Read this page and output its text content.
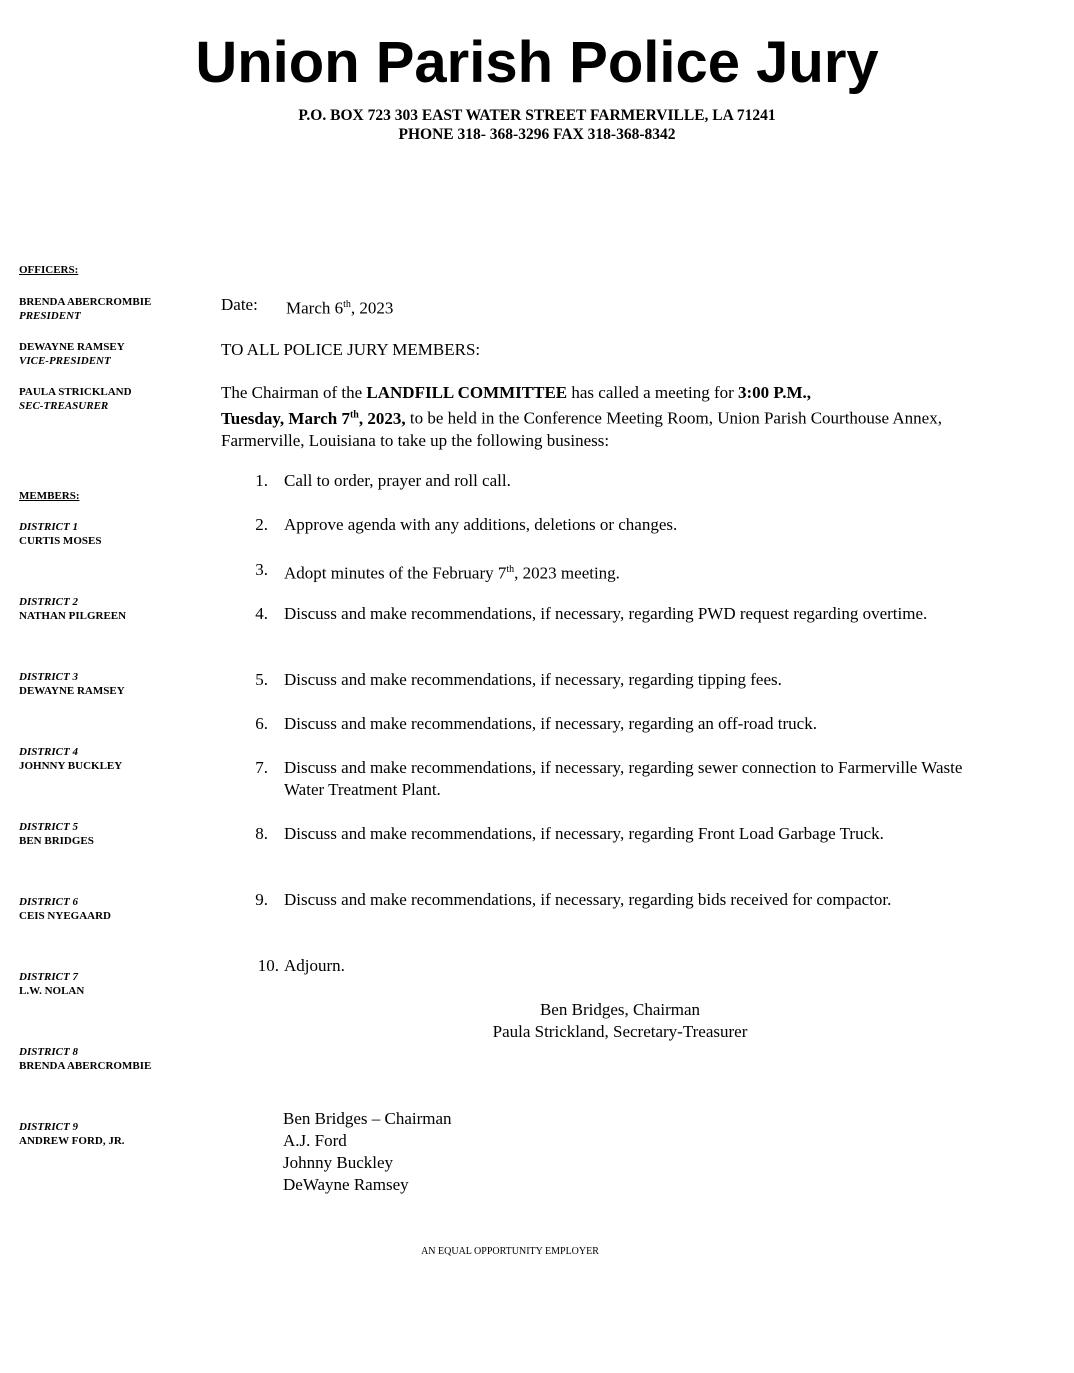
Union Parish Police Jury
P.O. BOX 723 303 EAST WATER STREET FARMERVILLE, LA 71241
PHONE 318- 368-3296 FAX 318-368-8342
OFFICERS:
BRENDA ABERCROMBIE
PRESIDENT
DEWAYNE RAMSEY
VICE-PRESIDENT
PAULA STRICKLAND
SEC-TREASURER
MEMBERS:
DISTRICT 1
CURTIS MOSES
DISTRICT 2
NATHAN PILGREEN
DISTRICT 3
DEWAYNE RAMSEY
DISTRICT 4
JOHNNY BUCKLEY
DISTRICT 5
BEN BRIDGES
DISTRICT 6
CEIS NYEGAARD
DISTRICT 7
L.W. NOLAN
DISTRICT 8
BRENDA ABERCROMBIE
DISTRICT 9
ANDREW FORD, JR.
Date: March 6th, 2023
TO ALL POLICE JURY MEMBERS:
The Chairman of the LANDFILL COMMITTEE has called a meeting for 3:00 P.M.,
Tuesday, March 7th, 2023, to be held in the Conference Meeting Room, Union Parish Courthouse Annex, Farmerville, Louisiana to take up the following business:
1. Call to order, prayer and roll call.
2. Approve agenda with any additions, deletions or changes.
3. Adopt minutes of the February 7th, 2023 meeting.
4. Discuss and make recommendations, if necessary, regarding PWD request regarding overtime.
5. Discuss and make recommendations, if necessary, regarding tipping fees.
6. Discuss and make recommendations, if necessary, regarding an off-road truck.
7. Discuss and make recommendations, if necessary, regarding sewer connection to Farmerville Waste Water Treatment Plant.
8. Discuss and make recommendations, if necessary, regarding Front Load Garbage Truck.
9. Discuss and make recommendations, if necessary, regarding bids received for compactor.
10. Adjourn.
Ben Bridges, Chairman
Paula Strickland, Secretary-Treasurer
Ben Bridges – Chairman
A.J. Ford
Johnny Buckley
DeWayne Ramsey
AN EQUAL OPPORTUNITY EMPLOYER
